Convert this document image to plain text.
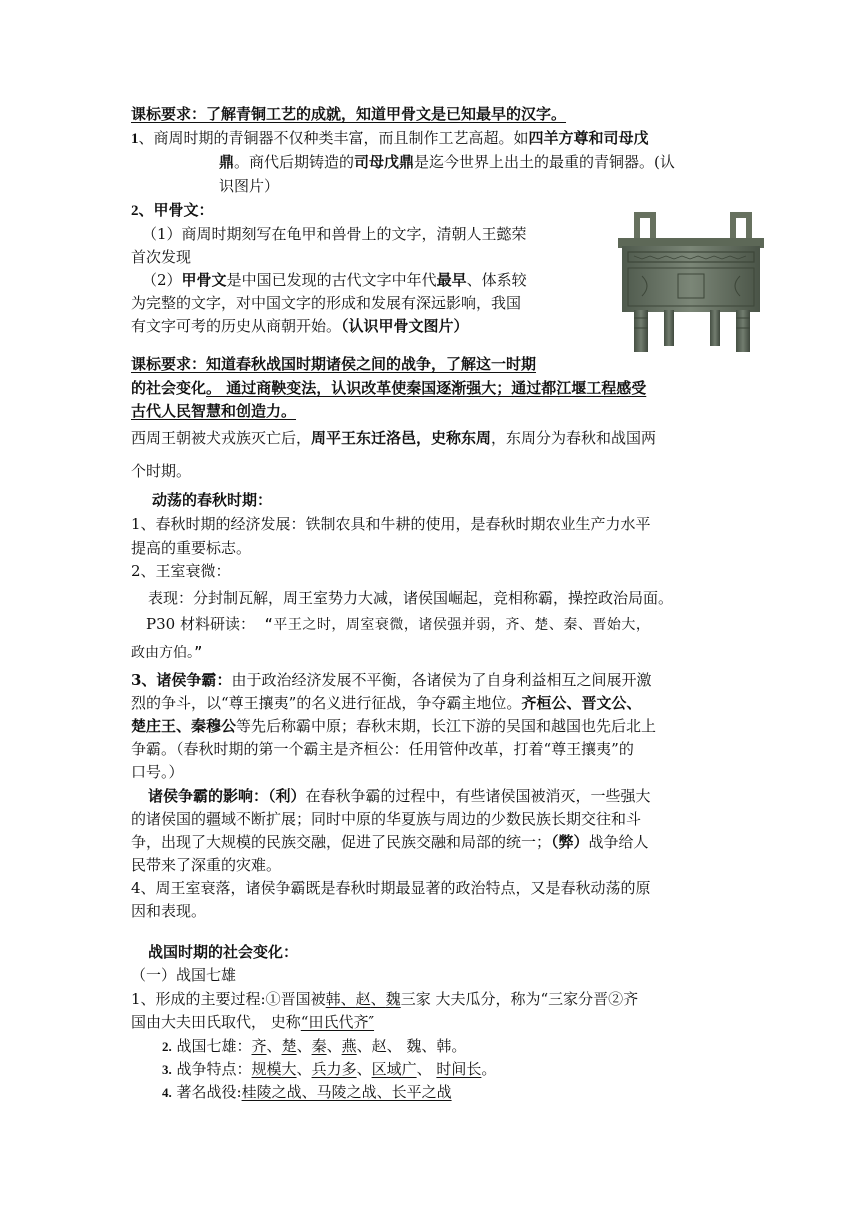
课标要求：了解青铜工艺的成就，知道甲骨文是已知最早的汉字。
1、商周时期的青铜器不仅种类丰富，而且制作工艺高超。如四羊方尊和司母戊
鼎。商代后期铸造的司母戊鼎是迄今世界上出土的最重的青铜器。(认
识图片）
2、甲骨文：
（1）商周时期刻写在龟甲和兽骨上的文字，清朝人王懿荣
首次发现
（2）甲骨文是中国已发现的古代文字中年代最早、体系较
为完整的文字，对中国文字的形成和发展有深远影响，我国
有文字可考的历史从商朝开始。（认识甲骨文图片）
课标要求：知道春秋战国时期诸侯之间的战争，了解这一时期
的社会变化。 通过商鞅变法，认识改革使秦国逐渐强大；通过都江堰工程感受
古代人民智慧和创造力。
西周王朝被犬戎族灭亡后，周平王东迁洛邑，史称东周，东周分为春秋和战国两
个时期。
动荡的春秋时期：
1、春秋时期的经济发展：铁制农具和牛耕的使用，是春秋时期农业生产力水平
提高的重要标志。
2、王室衰微：
表现：分封制瓦解，周王室势力大减，诸侯国崛起，竞相称霸，操控政治局面。
P30 材料研读： “平王之时，周室衰微，诸侯强并弱，齐、楚、秦、晋始大，
政由方伯。”
3、诸侯争霸：由于政治经济发展不平衡，各诸侯为了自身利益相互之间展开激
烈的争斗，以“尊王攘夷”的名义进行征战，争夺霸主地位。齐桓公、晋文公、
楚庄王、秦穆公等先后称霸中原；春秋末期，长江下游的吴国和越国也先后北上
争霸。（春秋时期的第一个霸主是齐桓公：任用管仲改革，打着“尊王攘夷”的
口号。）
诸侯争霸的影响：（利）在春秋争霸的过程中，有些诸侯国被消灭，一些强大
的诸侯国的疆域不断扩展；同时中原的华夏族与周边的少数民族长期交往和斗
争，出现了大规模的民族交融，促进了民族交融和局部的统一；（弊）战争给人
民带来了深重的灾难。
4、周王室衰落，诸侯争霸既是春秋时期最显著的政治特点，又是春秋动荡的原
因和表现。
战国时期的社会变化：
（一）战国七雄
1、形成的主要过程:①晋国被韩、赵、魏三家 大夫瓜分，称为“三家分晋②齐
国由大夫田氏取代， 史称“田氏代齐″
2. 战国七雄：齐、楚、秦、燕、赵、 魏、韩。
3. 战争特点：规模大、兵力多、区域广、 时间长。
4. 著名战役:桂陵之战、马陵之战、长平之战
